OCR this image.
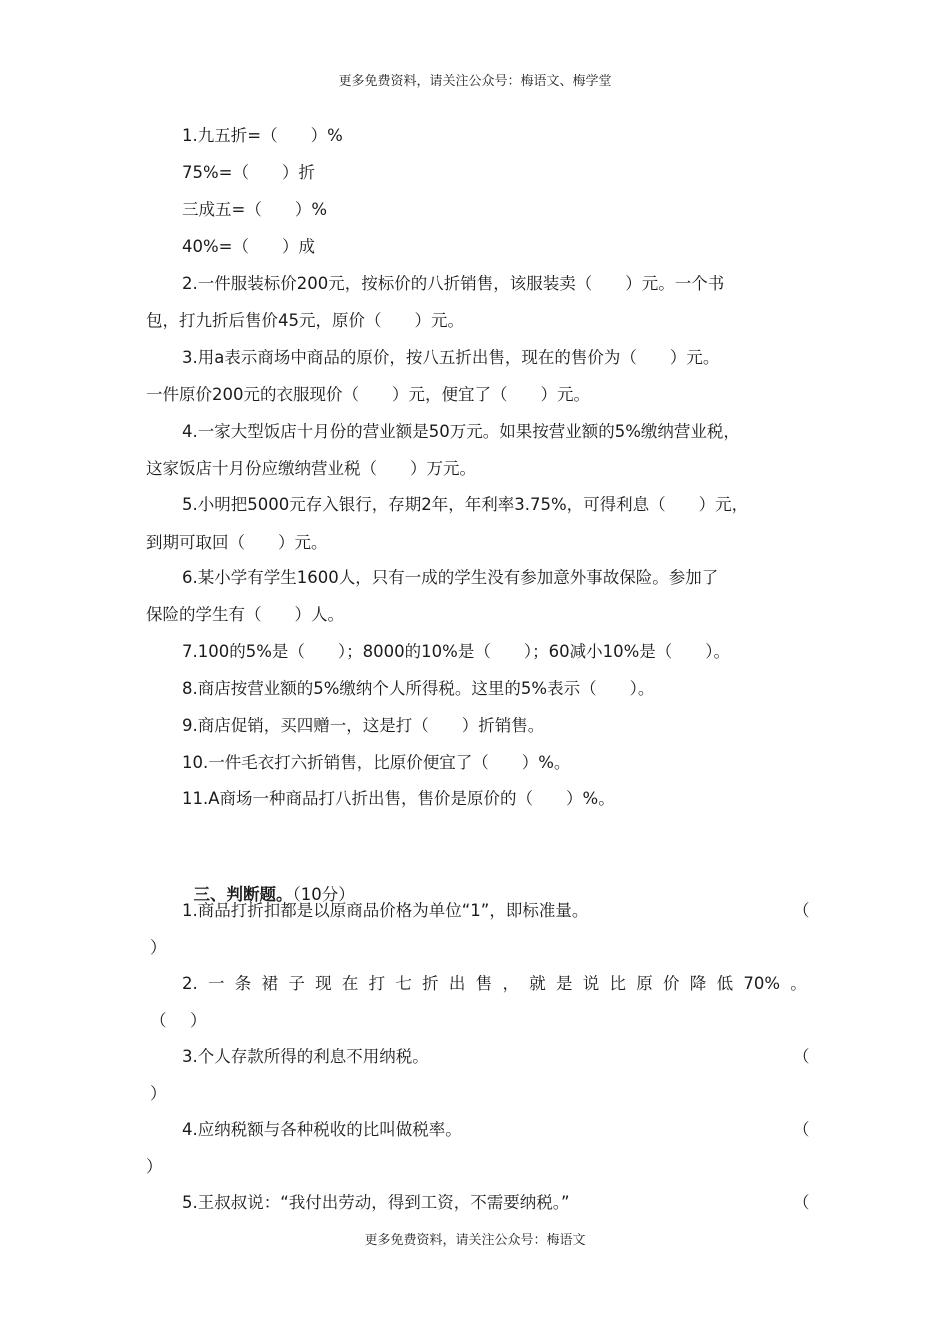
更多免费资料，请关注公众号：梅语文、梅学堂
1.九五折=（　　）%
75%=（　　）折
三成五=（　　）%
40%=（　　）成
2.一件服装标价200元，按标价的八折销售，该服装卖（　　）元。一个书
包，打九折后售价45元，原价（　　）元。
3.用a表示商场中商品的原价，按八五折出售，现在的售价为（　　）元。
一件原价200元的衣服现价（　　）元，便宜了（　　）元。
4.一家大型饭店十月份的营业额是50万元。如果按营业额的5%缴纳营业税，
这家饭店十月份应缴纳营业税（　　）万元。
5.小明把5000元存入银行，存期2年，年利率3.75%，可得利息（　　）元，
到期可取回（　　）元。
6.某小学有学生1600人，只有一成的学生没有参加意外事故保险。参加了
保险的学生有（　　）人。
7.100的5%是（　　）；8000的10%是（　　）；60减小10%是（　　）。
8.商店按营业额的5%缴纳个人所得税。这里的5%表示（　　）。
9.商店促销，买四赠一，这是打（　　）折销售。
10.一件毛衣打六折销售，比原价便宜了（　　）%。
11.A商场一种商品打八折出售，售价是原价的（　　）%。

三、判断题。（10分）

1.商品打折扣都是以原商品价格为单位“1”，即标准量。	（
）
2. 一 条 裙 子 现 在 打 七 折 出 售 ， 就 是 说 比 原 价 降 低 70% 。
（ ）
3.个人存款所得的利息不用纳税。	（
）
4.应纳税额与各种税收的比叫做税率。	（
）
5.王叔叔说：“我付出劳动，得到工资，不需要纳税。”	（
更多免费资料，请关注公众号：梅语文
